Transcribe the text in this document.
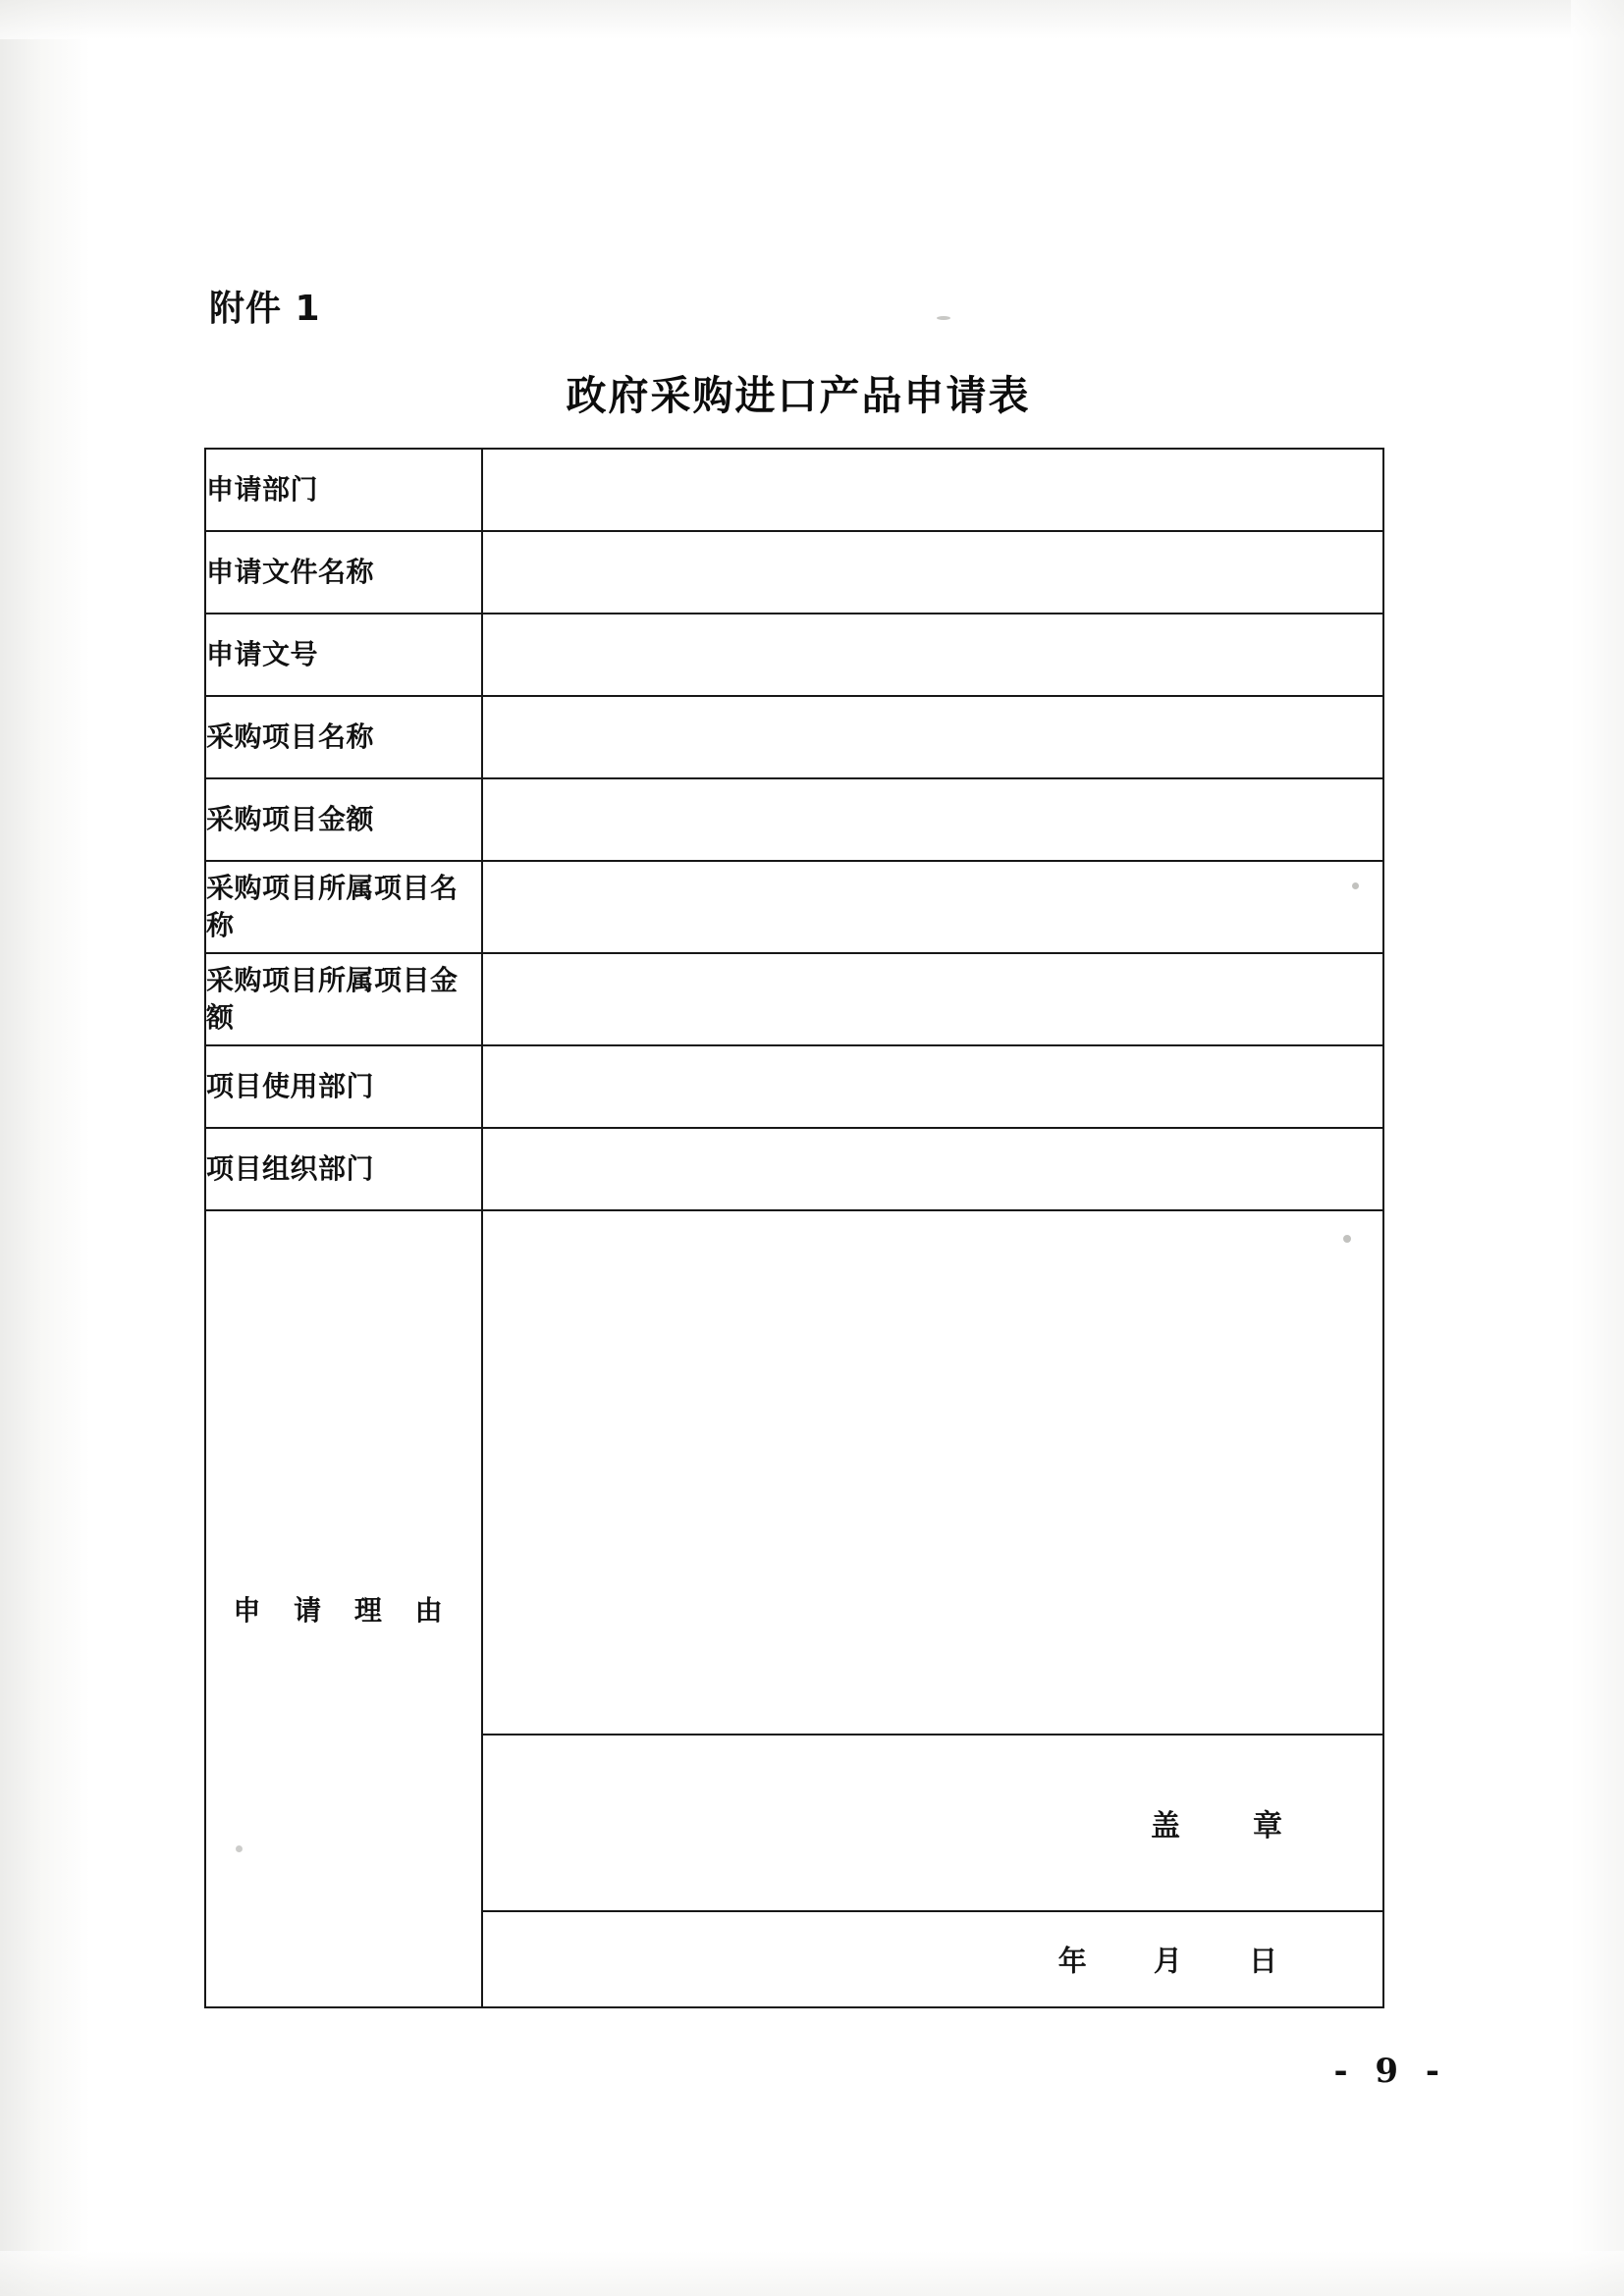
附件 1
政府采购进口产品申请表
申请部门	
申请文件名称	
申请文号	
采购项目名称	
采购项目金额	
采购项目所属项目名称	
采购项目所属项目金额	
项目使用部门	
项目组织部门	
申 请 理 由	

	盖　章

	年 月 日
- 9 -
